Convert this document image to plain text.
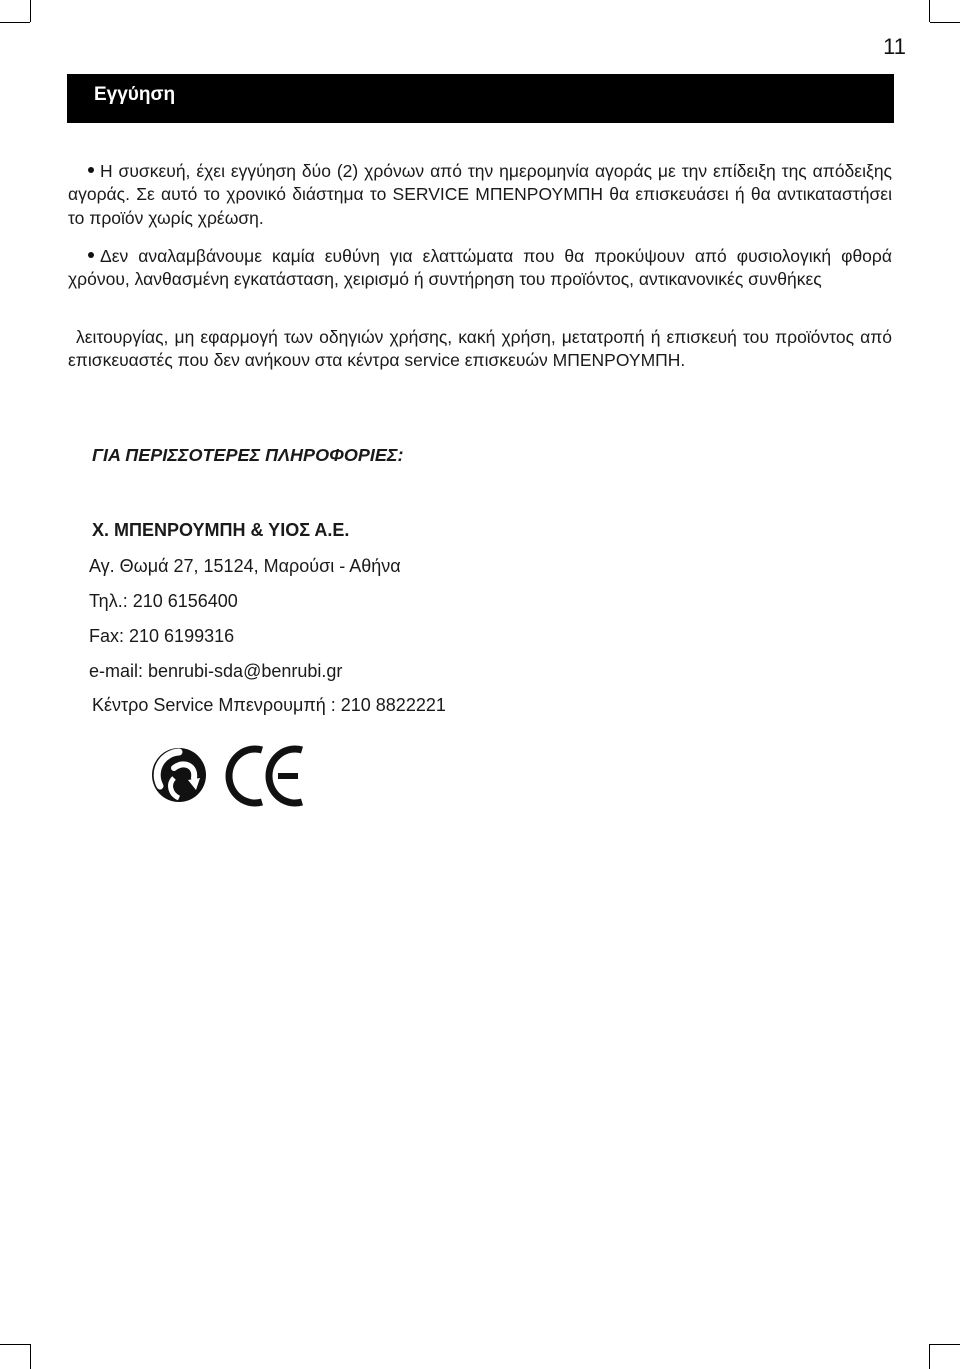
11
Εγγύηση
Η συσκευή, έχει εγγύηση δύο (2) χρόνων από την ημερομηνία αγοράς με την επίδειξη της απόδειξης αγοράς. Σε αυτό το χρονικό διάστημα το SERVICE ΜΠΕΝΡΟΥΜΠΗ θα επισκευάσει ή θα αντικαταστήσει το προϊόν χωρίς χρέωση.
Δεν αναλαμβάνουμε καμία ευθύνη για ελαττώματα που θα προκύψουν από φυσιολογική φθορά χρόνου, λανθασμένη εγκατάσταση, χειρισμό ή συντήρηση του προϊόντος, αντικανονικές συνθήκες
λειτουργίας, μη εφαρμογή των οδηγιών χρήσης, κακή χρήση, μετατροπή ή επισκευή του προϊόντος από επισκευαστές που δεν ανήκουν στα κέντρα service επισκευών ΜΠΕΝΡΟΥΜΠΗ.
ΓΙΑ ΠΕΡΙΣΣΟΤΕΡΕΣ ΠΛΗΡΟΦΟΡΙΕΣ:
Χ. ΜΠΕΝΡΟΥΜΠΗ & ΥΙΟΣ Α.Ε.
Αγ. Θωμά 27, 15124, Μαρούσι - Αθήνα
Τηλ.: 210 6156400
Fax: 210 6199316
e-mail: benrubi-sda@benrubi.gr
Κέντρο Service Μπενρουμπή : 210 8822221
